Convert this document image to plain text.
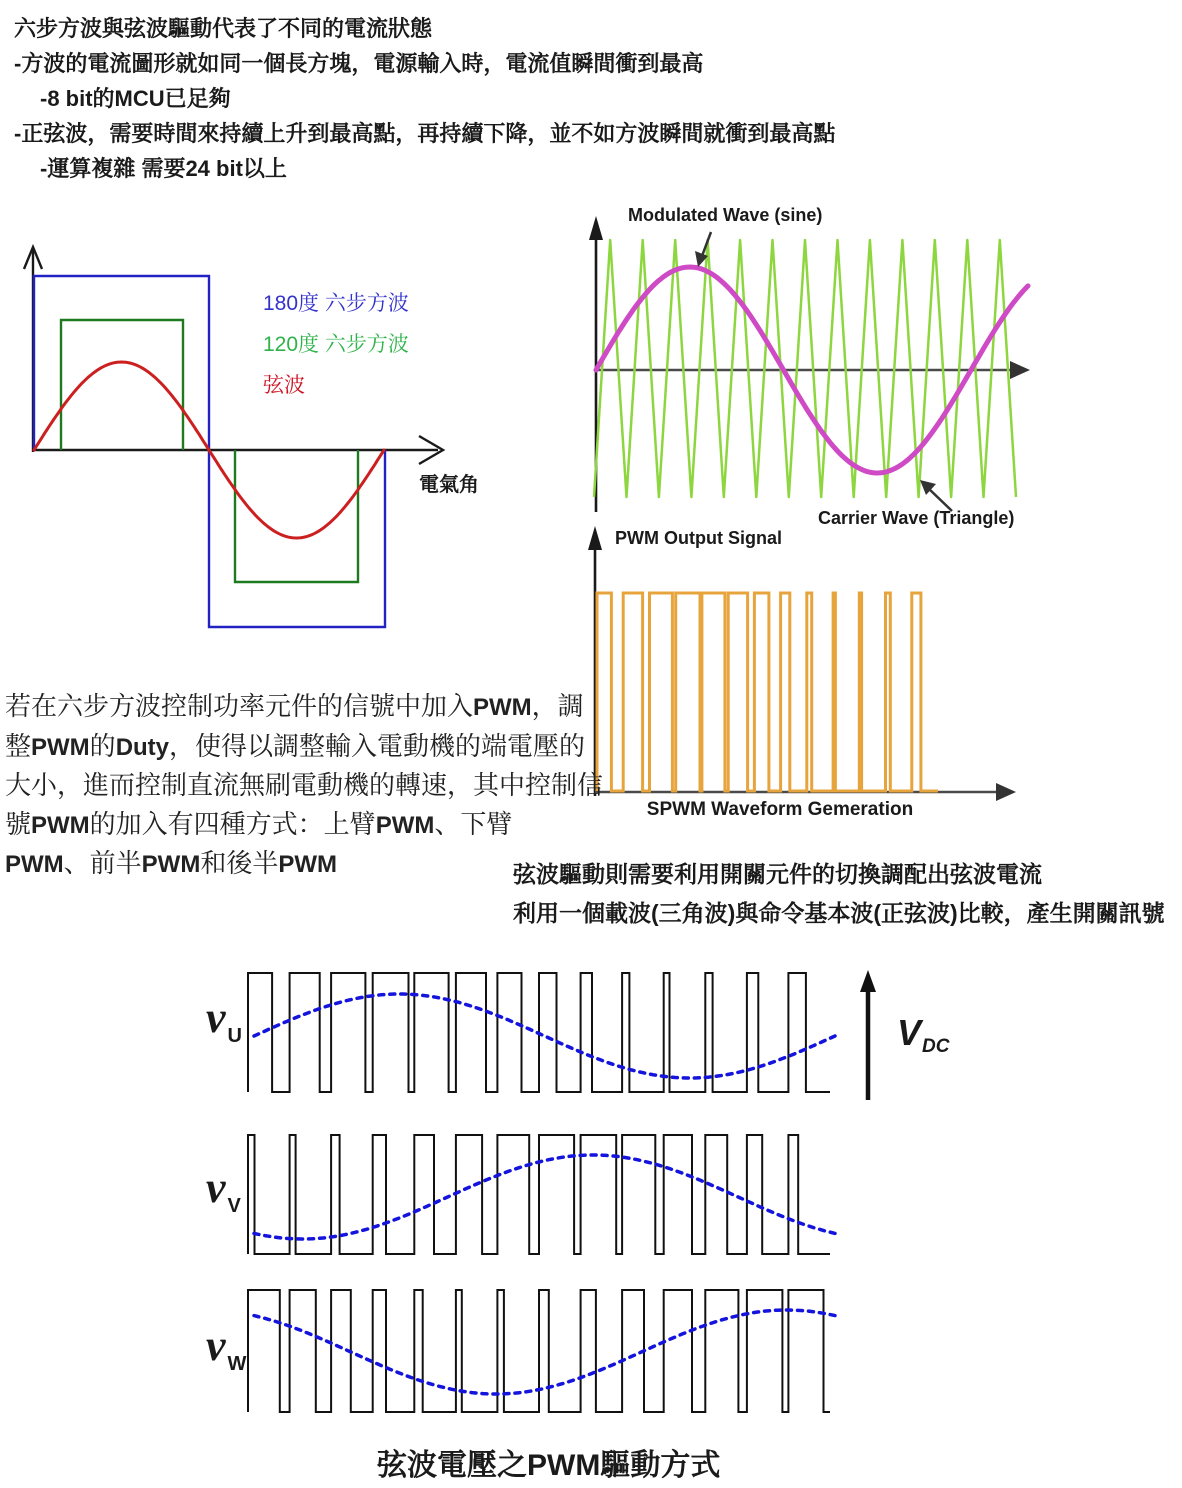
六步方波與弦波驅動代表了不同的電流狀態
-方波的電流圖形就如同一個長方塊，電源輸入時，電流值瞬間衝到最高
-8 bit的MCU已足夠
-正弦波，需要時間來持續上升到最高點，再持續下降，並不如方波瞬間就衝到最高點
-運算複雜 需要24 bit以上
180度 六步方波
120度 六步方波
弦波
電氣角
Modulated Wave (sine)
Carrier Wave (Triangle)
PWM Output Signal
SPWM Waveform Gemeration
若在六步方波控制功率元件的信號中加入PWM，調
整PWM的Duty，使得以調整輸入電動機的端電壓的
大小，進而控制直流無刷電動機的轉速，其中控制信
號PWM的加入有四種方式：上臂PWM、下臂
PWM、前半PWM和後半PWM	弦波驅動則需要利用開關元件的切換調配出弦波電流
利用一個載波(三角波)與命令基本波(正弦波)比較，產生開關訊號
v $_U$
v $_V$
v $_W$
VDC
弦波電壓之PWM驅動方式
